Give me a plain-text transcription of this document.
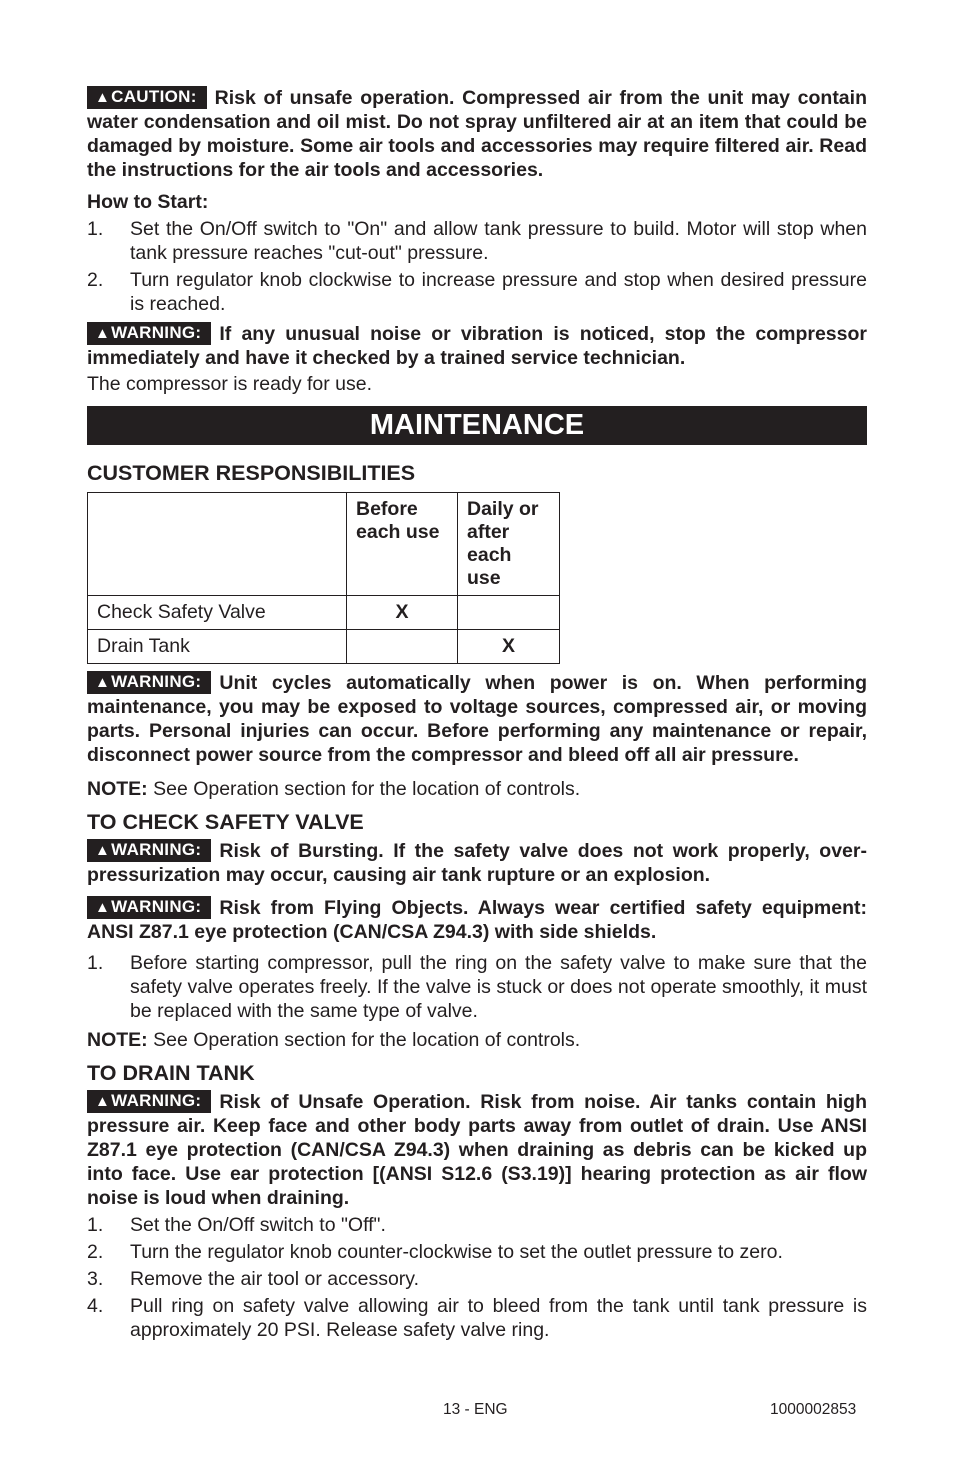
▲CAUTION: Risk of unsafe operation. Compressed air from the unit may contain water condensation and oil mist. Do not spray unfiltered air at an item that could be damaged by moisture. Some air tools and accessories may require filtered air. Read the instructions for the air tools and accessories.

How to Start:

1. Set the On/Off switch to "On" and allow tank pressure to build. Motor will stop when tank pressure reaches "cut-out" pressure.
2. Turn regulator knob clockwise to increase pressure and stop when desired pressure is reached.

▲WARNING: If any unusual noise or vibration is noticed, stop the compressor immediately and have it checked by a trained service technician.

The compressor is ready for use.

MAINTENANCE

CUSTOMER RESPONSIBILITIES

	Before each use	Daily or after each use
Check Safety Valve	X	
Drain Tank		X

▲WARNING: Unit cycles automatically when power is on. When performing maintenance, you may be exposed to voltage sources, compressed air, or moving parts. Personal injuries can occur. Before performing any maintenance or repair, disconnect power source from the compressor and bleed off all air pressure.

NOTE: See Operation section for the location of controls.

TO CHECK SAFETY VALVE

▲WARNING: Risk of Bursting. If the safety valve does not work properly, over-pressurization may occur, causing air tank rupture or an explosion.

▲WARNING: Risk from Flying Objects. Always wear certified safety equipment: ANSI Z87.1 eye protection (CAN/CSA Z94.3) with side shields.

1. Before starting compressor, pull the ring on the safety valve to make sure that the safety valve operates freely. If the valve is stuck or does not operate smoothly, it must be replaced with the same type of valve.

NOTE: See Operation section for the location of controls.

TO DRAIN TANK

▲WARNING: Risk of Unsafe Operation. Risk from noise. Air tanks contain high pressure air. Keep face and other body parts away from outlet of drain. Use ANSI Z87.1 eye protection (CAN/CSA Z94.3) when draining as debris can be kicked up into face. Use ear protection [(ANSI S12.6 (S3.19)] hearing protection as air flow noise is loud when draining.

1. Set the On/Off switch to "Off".
2. Turn the regulator knob counter-clockwise to set the outlet pressure to zero.
3. Remove the air tool or accessory.
4. Pull ring on safety valve allowing air to bleed from the tank until tank pressure is approximately 20 PSI. Release safety valve ring.
13 - ENG	1000002853
